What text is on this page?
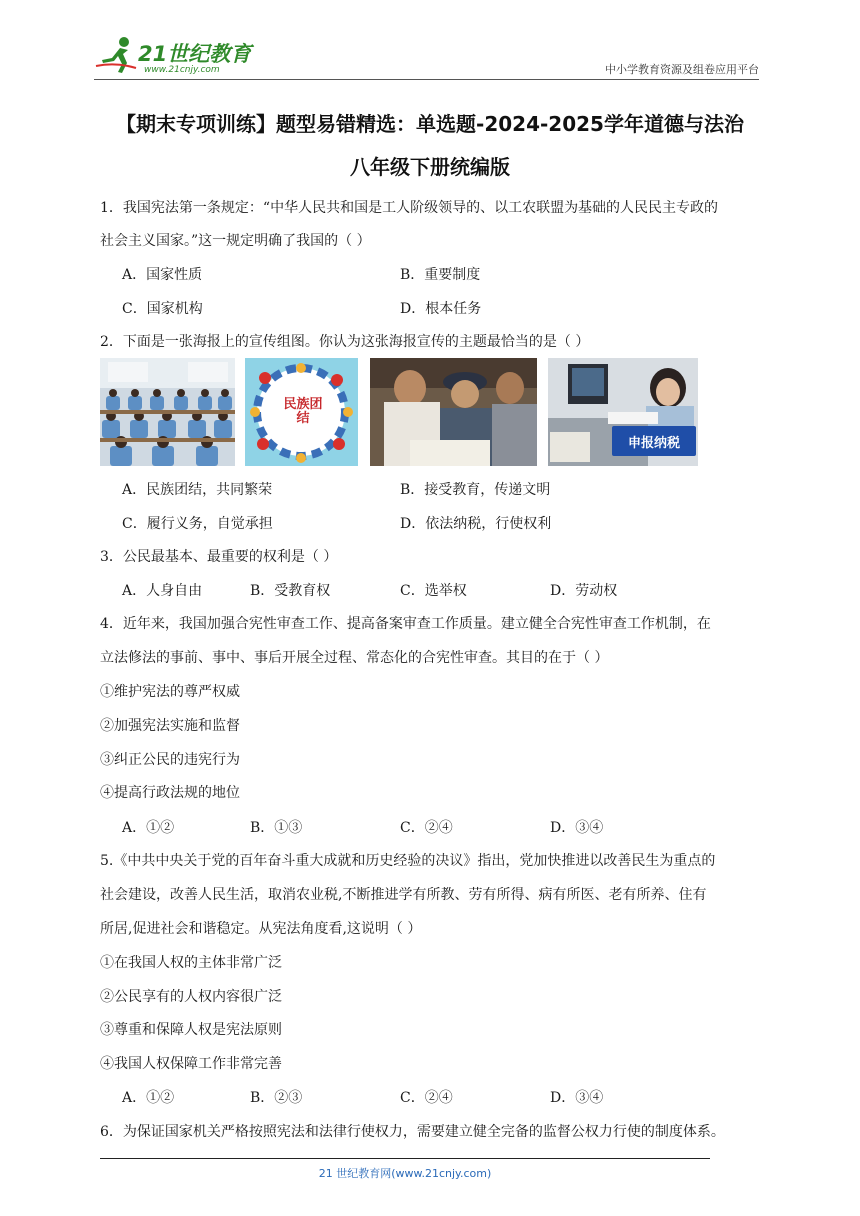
21世纪教育
www.21cnjy.com	中小学教育资源及组卷应用平台
【期末专项训练】题型易错精选：单选题-2024-2025学年道德与法治
八年级下册统编版
1．我国宪法第一条规定：“中华人民共和国是工人阶级领导的、以工农联盟为基础的人民民主专政的
社会主义国家。”这一规定明确了我国的（ ）
A．国家性质	B．重要制度
C．国家机构	D．根本任务
2．下面是一张海报上的宣传组图。你认为这张海报宣传的主题最恰当的是（ ）
民族团结
申报纳税
A．民族团结，共同繁荣	B．接受教育，传递文明
C．履行义务，自觉承担	D．依法纳税，行使权利
3．公民最基本、最重要的权利是（ ）
A．人身自由	B．受教育权	C．选举权	D．劳动权
4．近年来，我国加强合宪性审查工作、提高备案审查工作质量。建立健全合宪性审查工作机制，在
立法修法的事前、事中、事后开展全过程、常态化的合宪性审查。其目的在于（ ）
①维护宪法的尊严权威
②加强宪法实施和监督
③纠正公民的违宪行为
④提高行政法规的地位
A．①②	B．①③	C．②④	D．③④
5.《中共中央关于党的百年奋斗重大成就和历史经验的决议》指出，党加快推进以改善民生为重点的
社会建设，改善人民生活，取消农业税,不断推进学有所教、劳有所得、病有所医、老有所养、住有
所居,促进社会和谐稳定。从宪法角度看,这说明（ ）
①在我国人权的主体非常广泛
②公民享有的人权内容很广泛
③尊重和保障人权是宪法原则
④我国人权保障工作非常完善
A．①②	B．②③	C．②④	D．③④
6．为保证国家机关严格按照宪法和法律行使权力，需要建立健全完备的监督公权力行使的制度体系。
21 世纪教育网(www.21cnjy.com)
